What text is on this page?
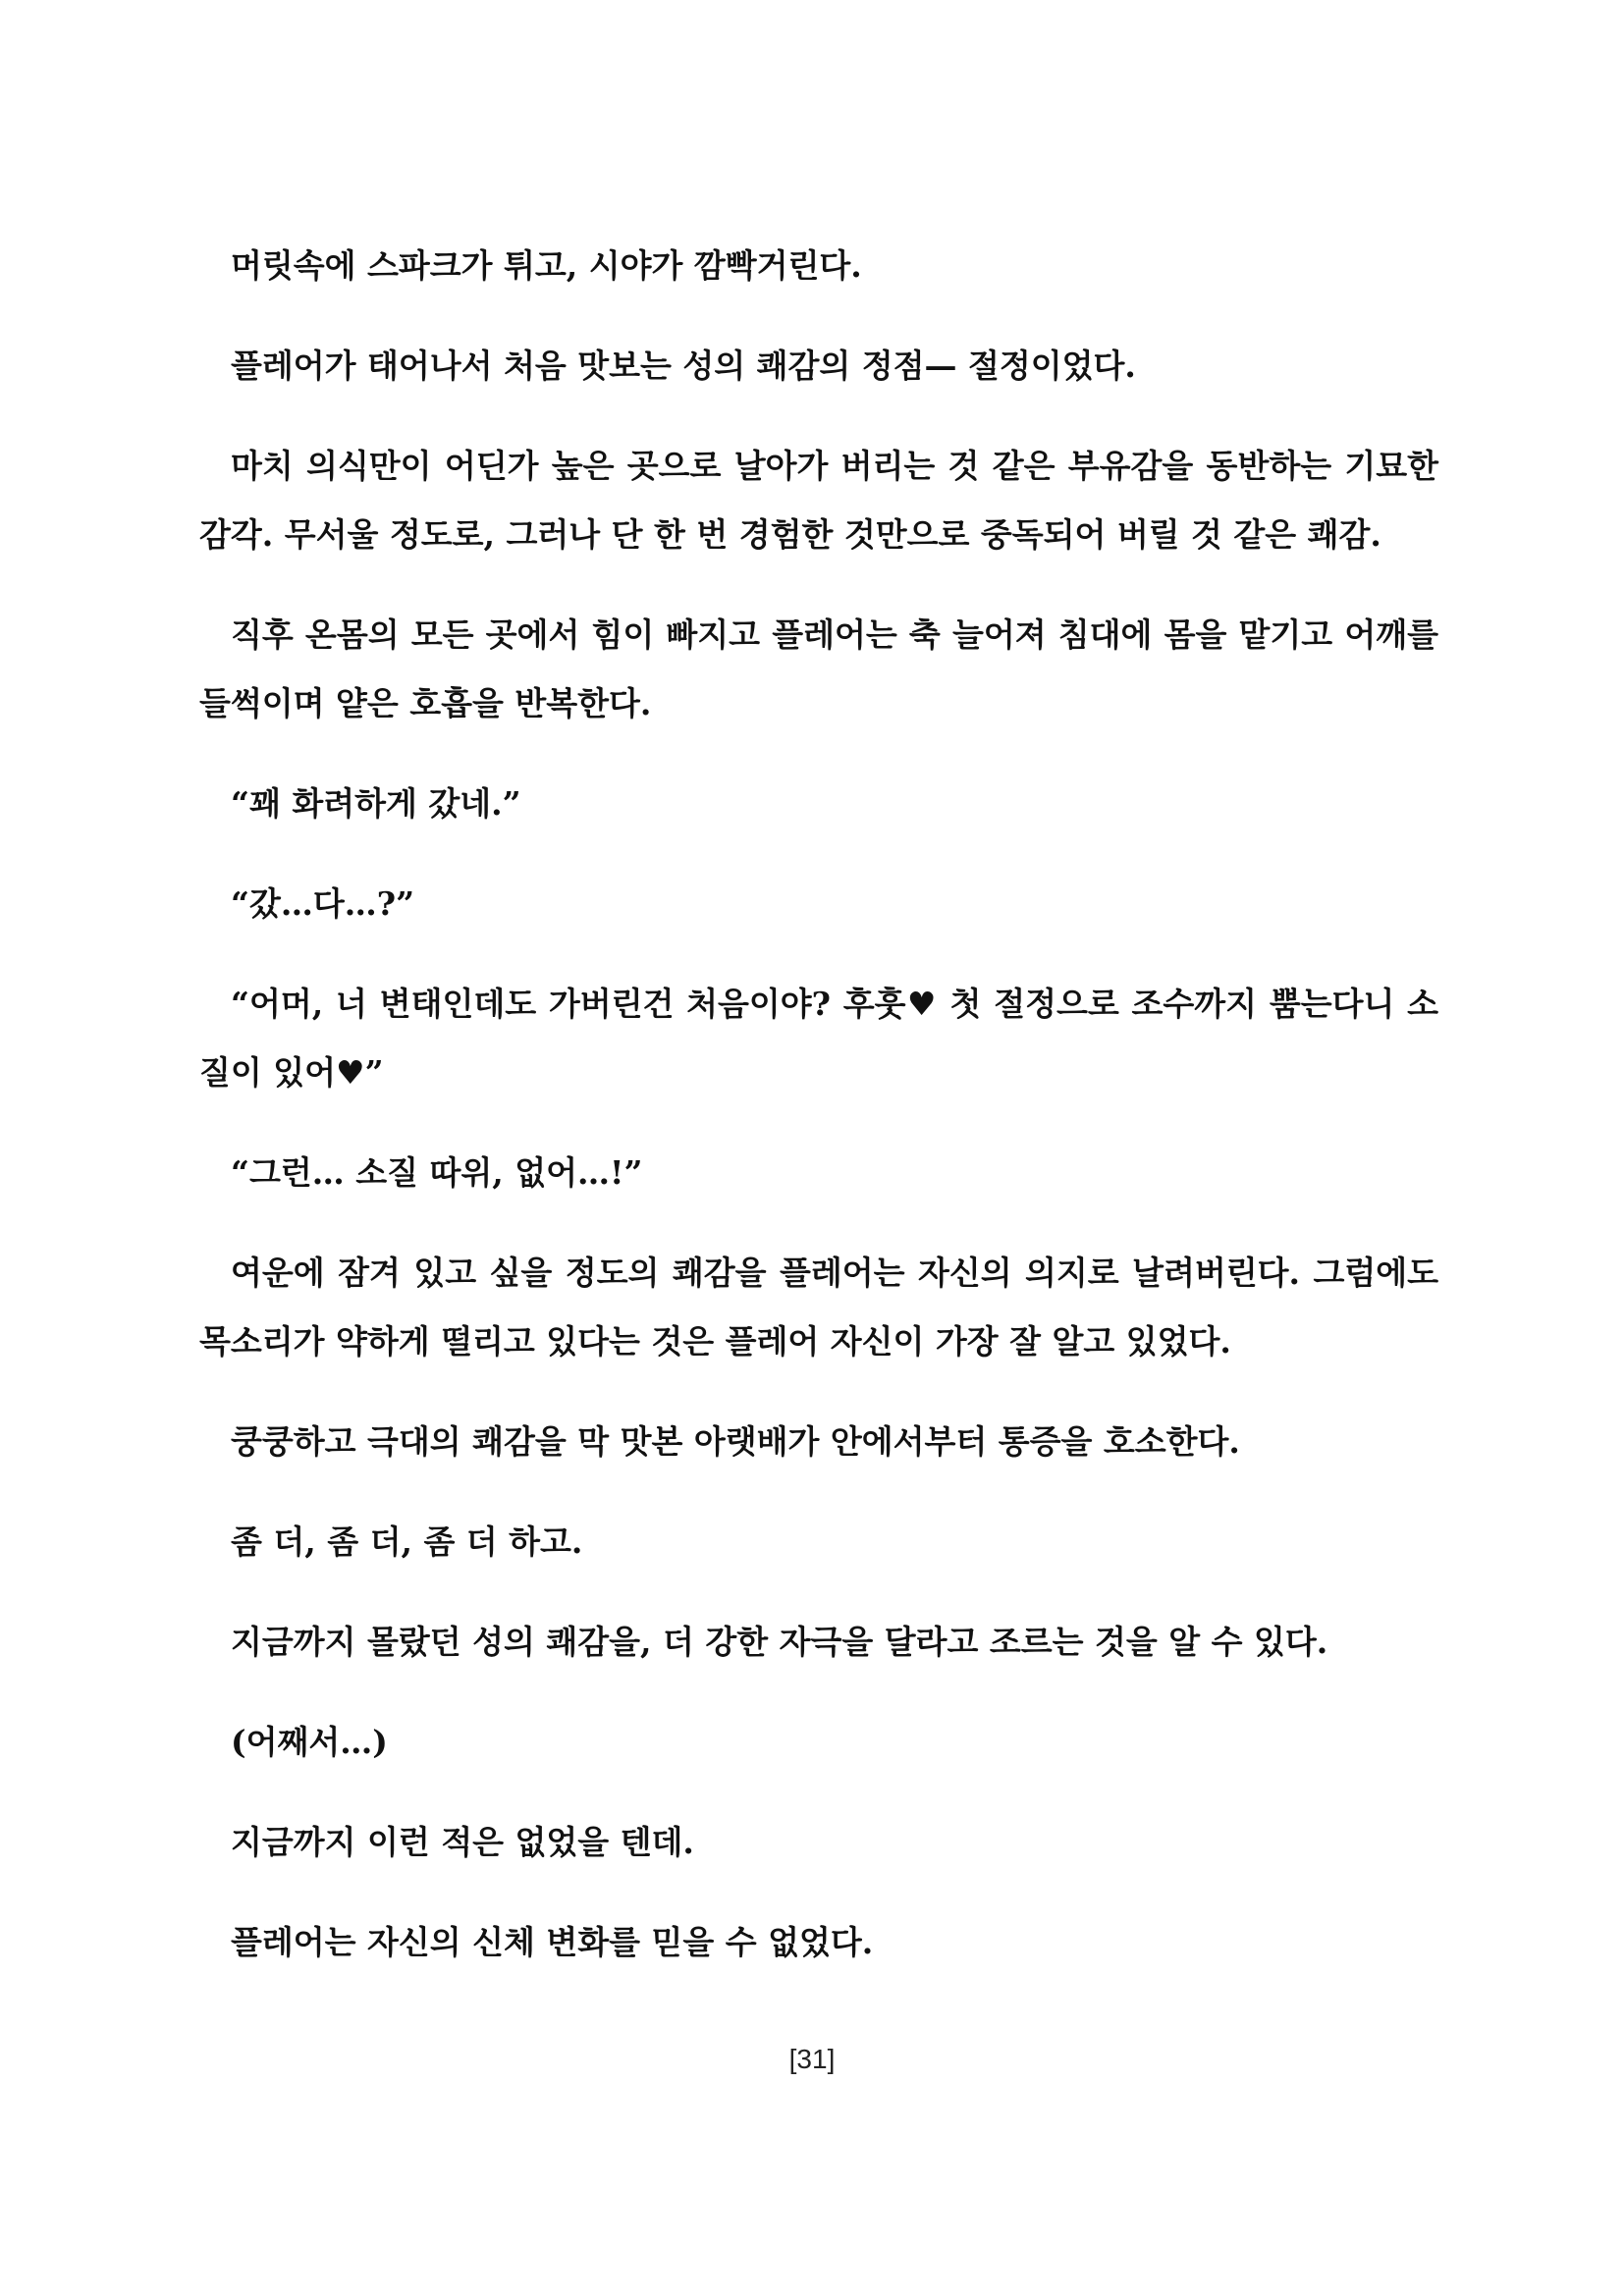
머릿속에 스파크가 튀고, 시야가 깜빡거린다.

플레어가 태어나서 처음 맛보는 성의 쾌감의 정점— 절정이었다.

마치 의식만이 어딘가 높은 곳으로 날아가 버리는 것 같은 부유감을 동반하는 기묘한 감각. 무서울 정도로, 그러나 단 한 번 경험한 것만으로 중독되어 버릴 것 같은 쾌감.

직후 온몸의 모든 곳에서 힘이 빠지고 플레어는 축 늘어져 침대에 몸을 맡기고 어깨를 들썩이며 얕은 호흡을 반복한다.

“꽤 화려하게 갔네.”

“갔…다…?”

“어머, 너 변태인데도 가버린건 처음이야? 후훗♥ 첫 절정으로 조수까지 뿜는다니 소질이 있어♥”

“그런… 소질 따위, 없어…!”

여운에 잠겨 있고 싶을 정도의 쾌감을 플레어는 자신의 의지로 날려버린다. 그럼에도 목소리가 약하게 떨리고 있다는 것은 플레어 자신이 가장 잘 알고 있었다.

쿵쿵하고 극대의 쾌감을 막 맛본 아랫배가 안에서부터 통증을 호소한다.

좀 더, 좀 더, 좀 더 하고.

지금까지 몰랐던 성의 쾌감을, 더 강한 자극을 달라고 조르는 것을 알 수 있다.

(어째서…)

지금까지 이런 적은 없었을 텐데.

플레어는 자신의 신체 변화를 믿을 수 없었다.

[31]
